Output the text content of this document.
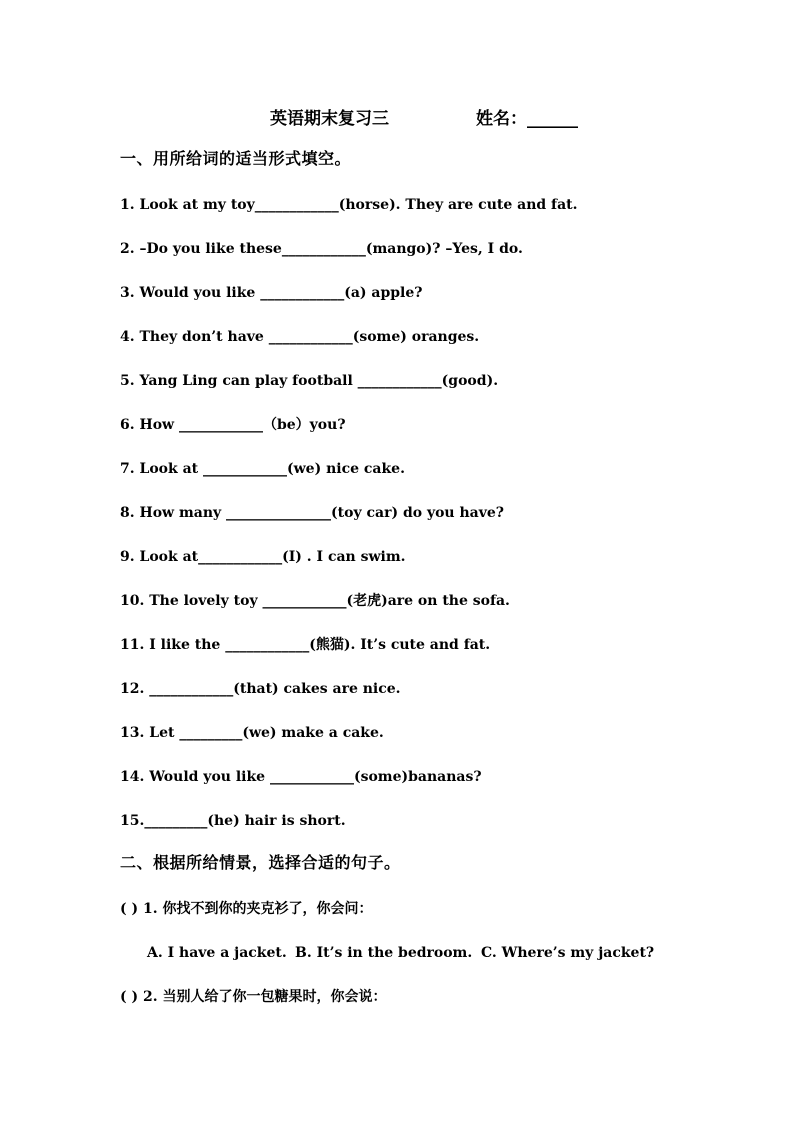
英语期末复习三	姓名：______
一、用所给词的适当形式填空。
1. Look at my toy____________(horse). They are cute and fat.
2. –Do you like these____________(mango)? –Yes, I do.
3. Would you like ____________(a) apple?
4. They don’t have ____________(some) oranges.
5. Yang Ling can play football ____________(good).
6. How ____________（be）you?
7. Look at ____________(we) nice cake.
8. How many _______________(toy car) do you have?
9. Look at____________(I) . I can swim.
10. The lovely toy ____________(老虎)are on the sofa.
11. I like the ____________(熊猫). It’s cute and fat.
12. ____________(that) cakes are nice.
13. Let _________(we) make a cake.
14. Would you like ____________(some)bananas?
15._________(he) hair is short.
二、根据所给情景，选择合适的句子。
( ) 1. 你找不到你的夹克衫了，你会问：
A. I have a jacket. B. It’s in the bedroom. C. Where’s my jacket?
( ) 2. 当别人给了你一包糖果时，你会说：
